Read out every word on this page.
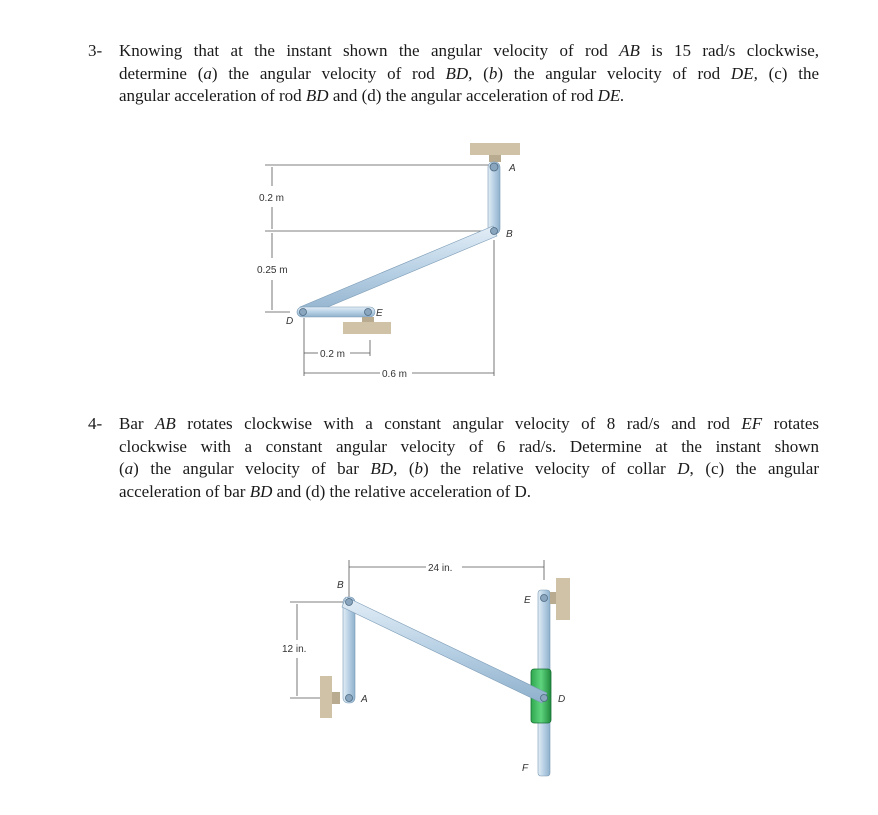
3- Knowing that at the instant shown the angular velocity of rod AB is 15 rad/s clockwise,
determine (a) the angular velocity of rod BD, (b) the angular velocity of rod DE, (c) the
angular acceleration of rod BD and (d) the angular acceleration of rod DE.
4- Bar AB rotates clockwise with a constant angular velocity of 8 rad/s and rod EF rotates
clockwise with a constant angular velocity of 6 rad/s. Determine at the instant shown
(a) the angular velocity of bar BD, (b) the relative velocity of collar D, (c) the angular
acceleration of bar BD and (d) the relative acceleration of D.
0.2 m
0.25 m
0.2 m
0.6 m
A
B
D
E
24 in.
12 in.
B
A
E
D
F
